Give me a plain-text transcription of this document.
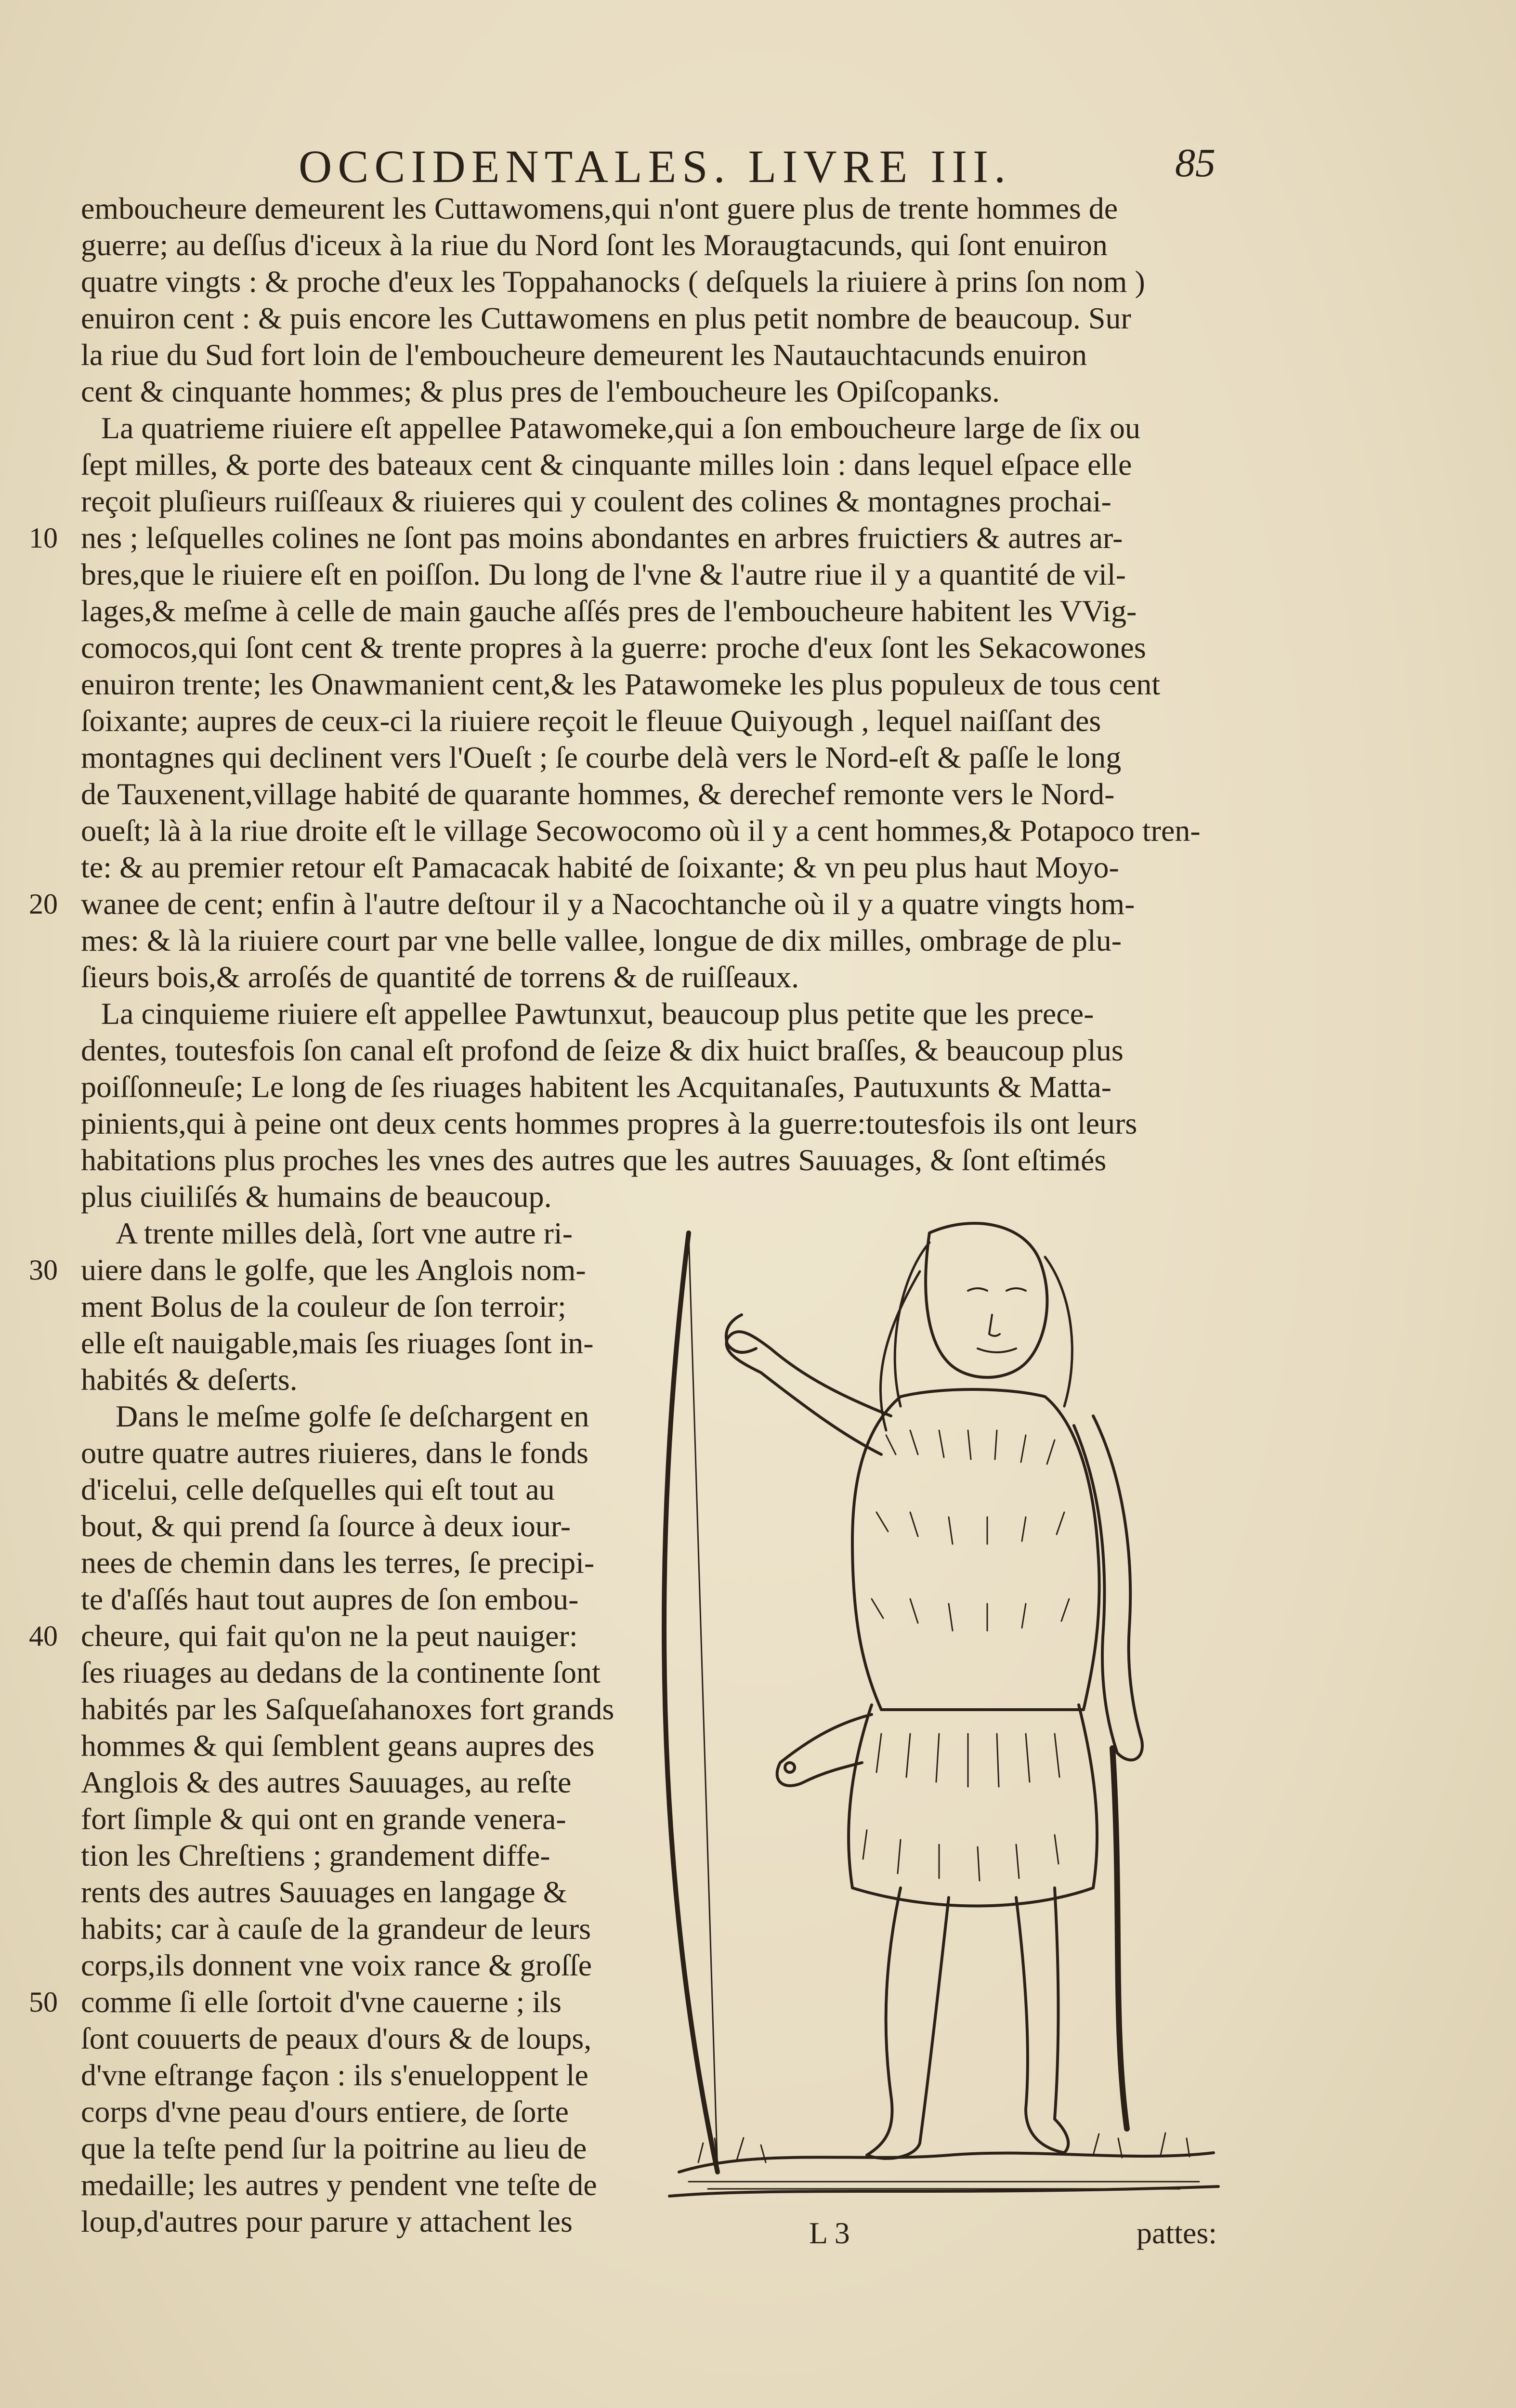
OCCIDENTALES. LIVRE III.	85
emboucheure demeurent les Cuttawomens,qui n'ont guere plus de trente hommes de
guerre; au deſſus d'iceux à la riue du Nord ſont les Moraugtacunds, qui ſont enuiron
quatre vingts : & proche d'eux les Toppahanocks ( deſquels la riuiere à prins ſon nom )
enuiron cent : & puis encore les Cuttawomens en plus petit nombre de beaucoup. Sur
la riue du Sud fort loin de l'emboucheure demeurent les Nautauchtacunds enuiron
cent & cinquante hommes; & plus pres de l'emboucheure les Opiſcopanks.
La quatrieme riuiere eſt appellee Patawomeke,qui a ſon emboucheure large de ſix ou
ſept milles, & porte des bateaux cent & cinquante milles loin : dans lequel eſpace elle
reçoit pluſieurs ruiſſeaux & riuieres qui y coulent des colines & montagnes prochai-
nes ; leſquelles colines ne ſont pas moins abondantes en arbres fruictiers & autres ar-
bres,que le riuiere eſt en poiſſon. Du long de l'vne & l'autre riue il y a quantité de vil-
lages,& meſme à celle de main gauche aſſés pres de l'emboucheure habitent les VVig-
comocos,qui ſont cent & trente propres à la guerre: proche d'eux ſont les Sekacowones
enuiron trente; les Onawmanient cent,& les Patawomeke les plus populeux de tous cent
ſoixante; aupres de ceux-ci la riuiere reçoit le fleuue Quiyough , lequel naiſſant des
montagnes qui declinent vers l'Oueſt ; ſe courbe delà vers le Nord-eſt & paſſe le long
de Tauxenent,village habité de quarante hommes, & derechef remonte vers le Nord-
oueſt; là à la riue droite eſt le village Secowocomo où il y a cent hommes,& Potapoco tren-
te: & au premier retour eſt Pamacacak habité de ſoixante; & vn peu plus haut Moyo-
wanee de cent; enfin à l'autre deſtour il y a Nacochtanche où il y a quatre vingts hom-
mes: & là la riuiere court par vne belle vallee, longue de dix milles, ombrage de plu-
ſieurs bois,& arroſés de quantité de torrens & de ruiſſeaux.
La cinquieme riuiere eſt appellee Pawtunxut, beaucoup plus petite que les prece-
dentes, toutesfois ſon canal eſt profond de ſeize & dix huict braſſes, & beaucoup plus
poiſſonneuſe; Le long de ſes riuages habitent les Acquitanaſes, Pautuxunts & Matta-
pinients,qui à peine ont deux cents hommes propres à la guerre:toutesfois ils ont leurs
habitations plus proches les vnes des autres que les autres Sauuages, & ſont eſtimés
plus ciuiliſés & humains de beaucoup.
10
20
30
40
50
A trente milles delà, ſort vne autre ri-
uiere dans le golfe, que les Anglois nom-
ment Bolus de la couleur de ſon terroir;
elle eſt nauigable,mais ſes riuages ſont in-
habités & deſerts.
Dans le meſme golfe ſe deſchargent en
outre quatre autres riuieres, dans le fonds
d'icelui, celle deſquelles qui eſt tout au
bout, & qui prend ſa ſource à deux iour-
nees de chemin dans les terres, ſe precipi-
te d'aſſés haut tout aupres de ſon embou-
cheure, qui fait qu'on ne la peut nauiger:
ſes riuages au dedans de la continente ſont
habités par les Saſqueſahanoxes fort grands
hommes & qui ſemblent geans aupres des
Anglois & des autres Sauuages, au reſte
fort ſimple & qui ont en grande venera-
tion les Chreſtiens ; grandement diffe-
rents des autres Sauuages en langage &
habits; car à cauſe de la grandeur de leurs
corps,ils donnent vne voix rance & groſſe
comme ſi elle ſortoit d'vne cauerne ; ils
ſont couuerts de peaux d'ours & de loups,
d'vne eſtrange façon : ils s'enueloppent le
corps d'vne peau d'ours entiere, de ſorte
que la teſte pend ſur la poitrine au lieu de
medaille; les autres y pendent vne teſte de
loup,d'autres pour parure y attachent les	L 3	pattes:
